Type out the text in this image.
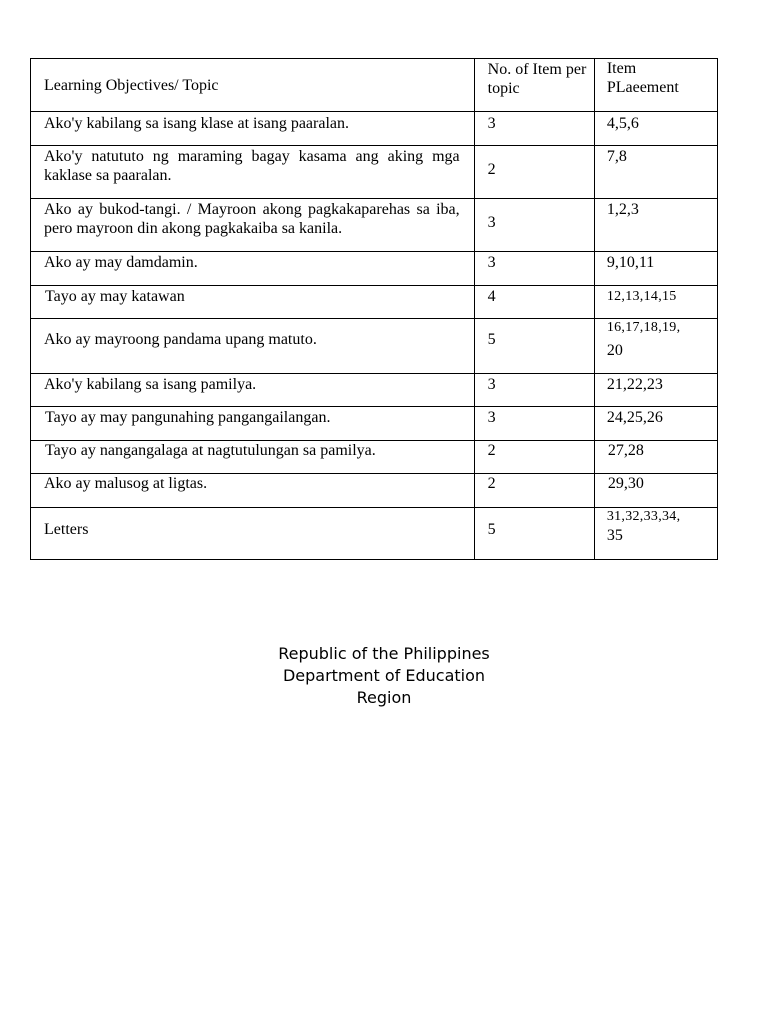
Learning Objectives/ Topic	No. of Item per topic	Item PLaeement
Ako'y kabilang sa isang klase at isang paaralan.	3	4,5,6
Ako'y natututo ng maraming bagay kasama ang aking mga kaklase sa paaralan.	2	7,8
Ako ay bukod-tangi. / Mayroon akong pagkakaparehas sa iba, pero mayroon din akong pagkakaiba sa kanila.	3	1,2,3
Ako ay may damdamin.	3	9,10,11
Tayo ay may katawan	4	12,13,14,15
Ako ay mayroong pandama upang matuto.	5	16,17,18,19,
20

Ako'y kabilang sa isang pamilya.	3	21,22,23
Tayo ay may pangunahing pangangailangan.	3	24,25,26
Tayo ay nangangalaga at nagtutulungan sa pamilya.	2	27,28
Ako ay malusog at ligtas.	2	29,30
Letters	5	31,32,33,34,
35
Republic of the Philippines
Department of Education
Region
